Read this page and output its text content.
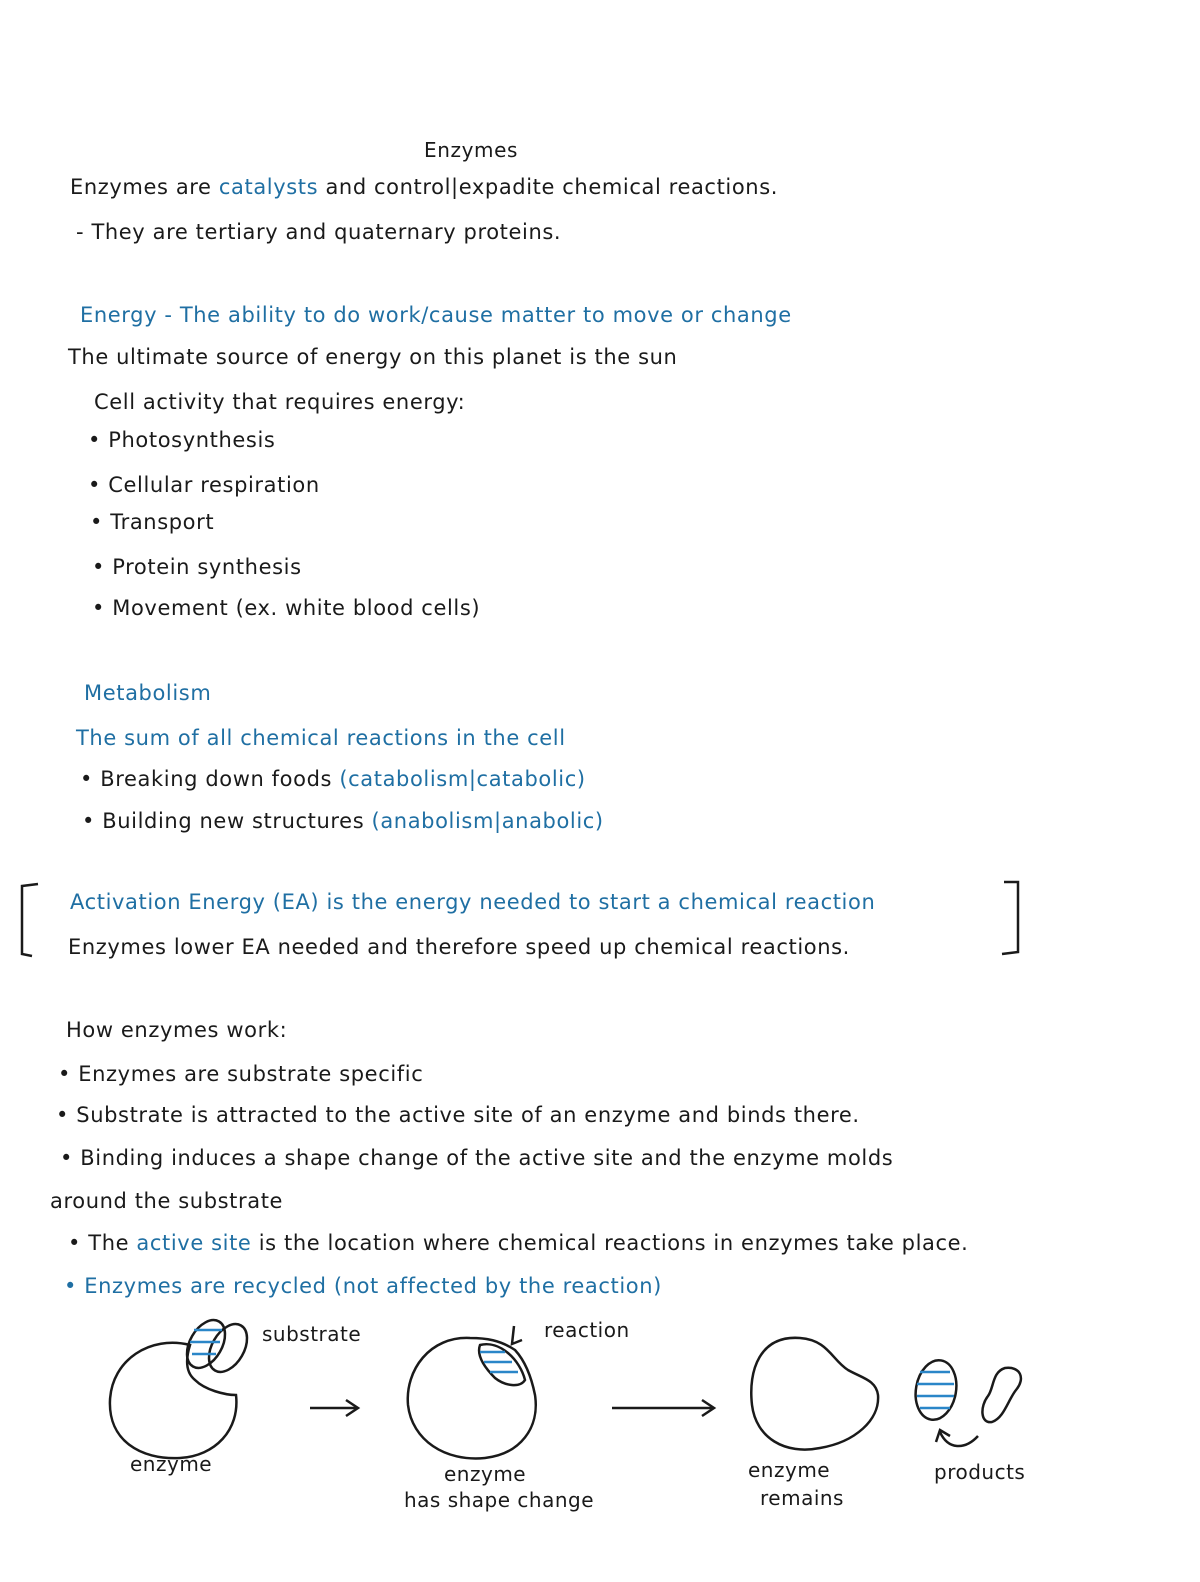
Enzymes
Enzymes are catalysts and control|expadite chemical reactions.
- They are tertiary and quaternary proteins.
Energy - The ability to do work/cause matter to move or change
The ultimate source of energy on this planet is the sun
Cell activity that requires energy:
• Photosynthesis
• Cellular respiration
• Transport
• Protein synthesis
• Movement (ex. white blood cells)
Metabolism
The sum of all chemical reactions in the cell
• Breaking down foods (catabolism|catabolic)
• Building new structures (anabolism|anabolic)
Activation Energy (EA) is the energy needed to start a chemical reaction
Enzymes lower EA needed and therefore speed up chemical reactions.
How enzymes work:
• Enzymes are substrate specific
• Substrate is attracted to the active site of an enzyme and binds there.
• Binding induces a shape change of the active site and the enzyme molds
around the substrate
• The active site is the location where chemical reactions in enzymes take place.
• Enzymes are recycled (not affected by the reaction)
substrate
enzyme
reaction
enzyme
has shape change
enzyme
remains
products
